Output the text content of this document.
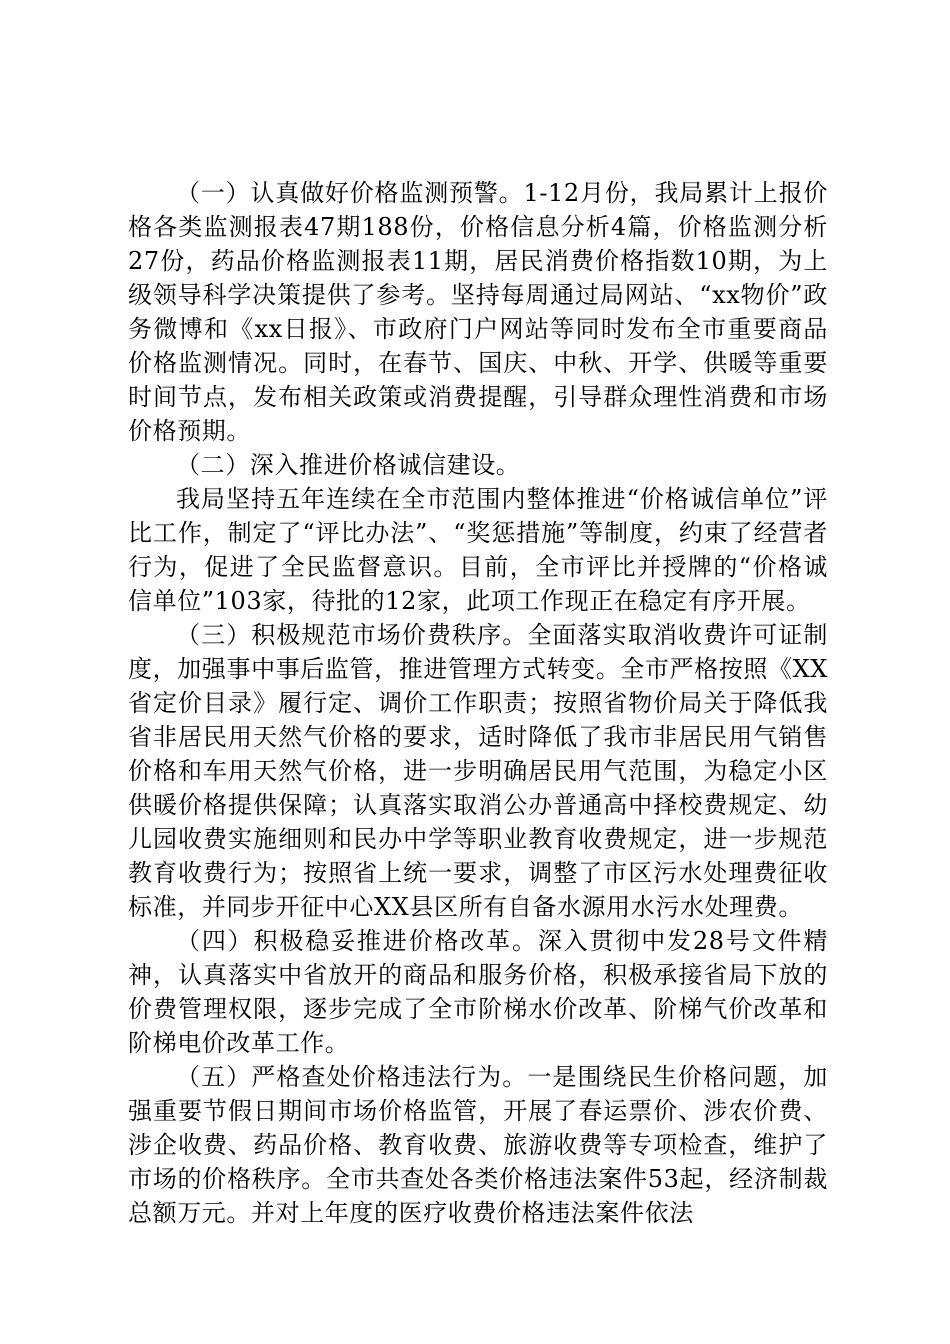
（一）认真做好价格监测预警。1-12月份，我局累计上报价格各类监测报表47期188份，价格信息分析4篇，价格监测分析27份，药品价格监测报表11期，居民消费价格指数10期，为上级领导科学决策提供了参考。坚持每周通过局网站、“xx物价”政务微博和《xx日报》、市政府门户网站等同时发布全市重要商品价格监测情况。同时，在春节、国庆、中秋、开学、供暖等重要时间节点，发布相关政策或消费提醒，引导群众理性消费和市场价格预期。

（二）深入推进价格诚信建设。

我局坚持五年连续在全市范围内整体推进“价格诚信单位”评比工作，制定了“评比办法”、“奖惩措施”等制度，约束了经营者行为，促进了全民监督意识。目前，全市评比并授牌的“价格诚信单位”103家，待批的12家，此项工作现正在稳定有序开展。

（三）积极规范市场价费秩序。全面落实取消收费许可证制度，加强事中事后监管，推进管理方式转变。全市严格按照《XX省定价目录》履行定、调价工作职责；按照省物价局关于降低我省非居民用天然气价格的要求，适时降低了我市非居民用气销售价格和车用天然气价格，进一步明确居民用气范围，为稳定小区供暖价格提供保障；认真落实取消公办普通高中择校费规定、幼儿园收费实施细则和民办中学等职业教育收费规定，进一步规范教育收费行为；按照省上统一要求，调整了市区污水处理费征收标准，并同步开征中心XX县区所有自备水源用水污水处理费。

（四）积极稳妥推进价格改革。深入贯彻中发28号文件精神，认真落实中省放开的商品和服务价格，积极承接省局下放的价费管理权限，逐步完成了全市阶梯水价改革、阶梯气价改革和阶梯电价改革工作。

（五）严格查处价格违法行为。一是围绕民生价格问题，加强重要节假日期间市场价格监管，开展了春运票价、涉农价费、涉企收费、药品价格、教育收费、旅游收费等专项检查，维护了市场的价格秩序。全市共查处各类价格违法案件53起，经济制裁总额万元。并对上年度的医疗收费价格违法案件依法
